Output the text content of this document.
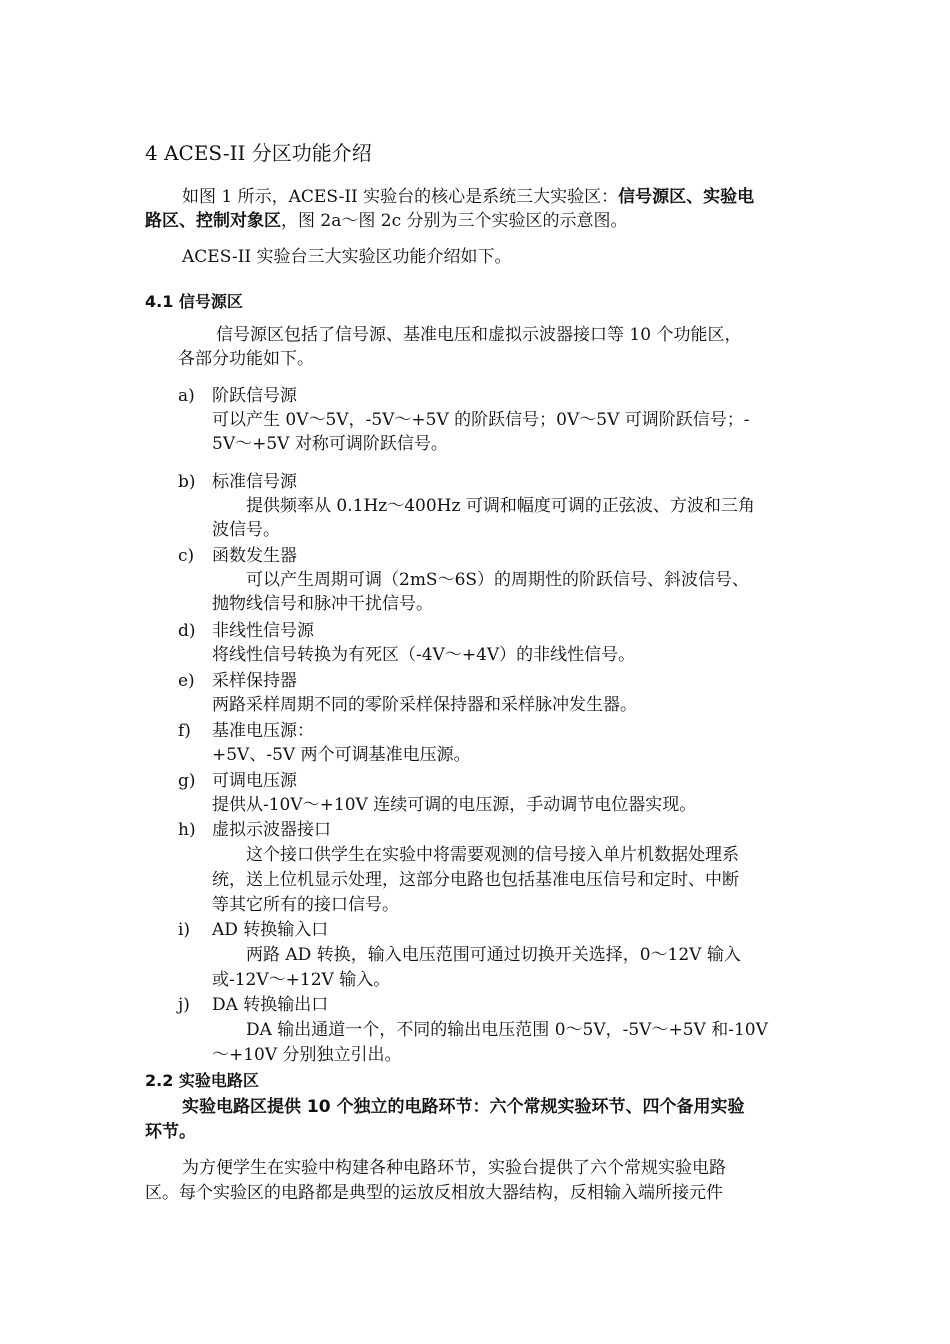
4 ACES-II 分区功能介绍
如图 1 所示，ACES-II 实验台的核心是系统三大实验区：信号源区、实验电
路区、控制对象区，图 2a～图 2c 分别为三个实验区的示意图。
ACES-II 实验台三大实验区功能介绍如下。
4.1 信号源区
信号源区包括了信号源、基准电压和虚拟示波器接口等 10 个功能区，
各部分功能如下。
a)	阶跃信号源
可以产生 0V～5V，-5V～+5V 的阶跃信号；0V～5V 可调阶跃信号；-
5V～+5V 对称可调阶跃信号。
b) 标准信号源
提供频率从 0.1Hz～400Hz 可调和幅度可调的正弦波、方波和三角
波信号。
c)	函数发生器
可以产生周期可调（2mS～6S）的周期性的阶跃信号、斜波信号、
抛物线信号和脉冲干扰信号。
d) 非线性信号源
将线性信号转换为有死区（-4V～+4V）的非线性信号。
e)	采样保持器
两路采样周期不同的零阶采样保持器和采样脉冲发生器。
f)	基准电压源：
+5V、-5V 两个可调基准电压源。
g) 可调电压源
提供从-10V～+10V 连续可调的电压源，手动调节电位器实现。
h) 虚拟示波器接口
这个接口供学生在实验中将需要观测的信号接入单片机数据处理系
统，送上位机显示处理，这部分电路也包括基准电压信号和定时、中断
等其它所有的接口信号。
i)	AD 转换输入口
两路 AD 转换，输入电压范围可通过切换开关选择，0～12V 输入
或-12V～+12V 输入。
j)	DA 转换输出口
DA 输出通道一个，不同的输出电压范围 0～5V，-5V～+5V 和-10V
～+10V 分别独立引出。
2.2 实验电路区
实验电路区提供 10 个独立的电路环节：六个常规实验环节、四个备用实验
环节。
为方便学生在实验中构建各种电路环节，实验台提供了六个常规实验电路
区。每个实验区的电路都是典型的运放反相放大器结构，反相输入端所接元件
